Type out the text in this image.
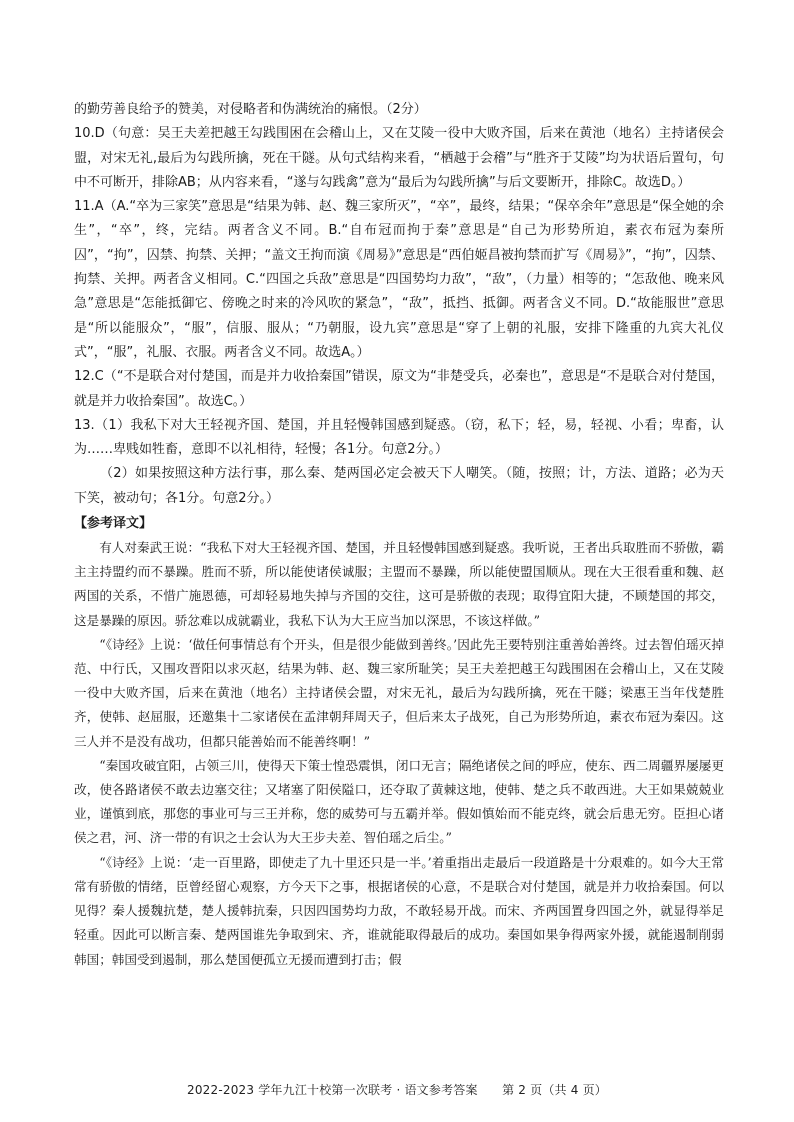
的勤劳善良给予的赞美，对侵略者和伪满统治的痛恨。（2分）

10.D（句意：吴王夫差把越王勾践围困在会稽山上，又在艾陵一役中大败齐国，后来在黄池（地名）主持诸侯会盟，对宋无礼,最后为勾践所擒，死在干隧。从句式结构来看，“栖越于会稽”与“胜齐于艾陵”均为状语后置句，句中不可断开，排除AB；从内容来看，“遂与勾践禽”意为“最后为勾践所擒”与后文要断开，排除C。故选D。）

11.A（A.“卒为三家笑”意思是“结果为韩、赵、魏三家所灭”，“卒”，最终，结果；“保卒余年”意思是“保全她的余生”，“卒”，终，完结。两者含义不同。B.“自布冠而拘于秦”意思是“自己为形势所迫，素衣布冠为秦所囚”，“拘”，囚禁、拘禁、关押；“盖文王拘而演《周易》”意思是“西伯姬昌被拘禁而扩写《周易》”，“拘”，囚禁、拘禁、关押。两者含义相同。C.“四国之兵敌”意思是“四国势均力敌”，“敌”，（力量）相等的；“怎敌他、晚来风急”意思是“怎能抵御它、傍晚之时来的冷风吹的紧急”，“敌”，抵挡、抵御。两者含义不同。D.“故能服世”意思是“所以能服众”，“服”，信服、服从；“乃朝服，设九宾”意思是“穿了上朝的礼服，安排下隆重的九宾大礼仪式”，“服”，礼服、衣服。两者含义不同。故选A。）

12.C（“不是联合对付楚国，而是并力收拾秦国”错误，原文为“非楚受兵，必秦也”，意思是“不是联合对付楚国，就是并力收拾秦国”。故选C。）

13.（1）我私下对大王轻视齐国、楚国，并且轻慢韩国感到疑惑。（窃，私下；轻，易，轻视、小看；卑畜，认为……卑贱如牲畜，意即不以礼相待，轻慢；各1分。句意2分。）

（2）如果按照这种方法行事，那么秦、楚两国必定会被天下人嘲笑。（随，按照；计，方法、道路；必为天下笑，被动句；各1分。句意2分。）

【参考译文】

有人对秦武王说：“我私下对大王轻视齐国、楚国，并且轻慢韩国感到疑惑。我听说，王者出兵取胜而不骄傲，霸主主持盟约而不暴躁。胜而不骄，所以能使诸侯诚服；主盟而不暴躁，所以能使盟国顺从。现在大王很看重和魏、赵两国的关系，不惜广施恩德，可却轻易地失掉与齐国的交往，这可是骄傲的表现；取得宜阳大捷，不顾楚国的邦交，这是暴躁的原因。骄忿难以成就霸业，我私下认为大王应当加以深思，不该这样做。”

“《诗经》上说：‘做任何事情总有个开头，但是很少能做到善终。’因此先王要特别注重善始善终。过去智伯瑶灭掉范、中行氏，又围攻晋阳以求灭赵，结果为韩、赵、魏三家所耻笑；吴王夫差把越王勾践围困在会稽山上，又在艾陵一役中大败齐国，后来在黄池（地名）主持诸侯会盟，对宋无礼，最后为勾践所擒，死在干隧；梁惠王当年伐楚胜齐，使韩、赵屈服，还邀集十二家诸侯在孟津朝拜周天子，但后来太子战死，自己为形势所迫，素衣布冠为秦囚。这三人并不是没有战功，但都只能善始而不能善终啊！”

“秦国攻破宜阳，占领三川，使得天下策士惶恐震惧，闭口无言；隔绝诸侯之间的呼应，使东、西二周疆界屡屡更改，使各路诸侯不敢去边塞交往；又堵塞了阳侯隘口，还夺取了黄棘这地，使韩、楚之兵不敢西进。大王如果兢兢业业，谨慎到底，那您的事业可与三王并称，您的威势可与五霸并举。假如慎始而不能克终，就会后患无穷。臣担心诸侯之君，河、济一带的有识之士会认为大王步夫差、智伯瑶之后尘。”

“《诗经》上说：‘走一百里路，即使走了九十里还只是一半。’着重指出走最后一段道路是十分艰难的。如今大王常常有骄傲的情绪，臣曾经留心观察，方今天下之事，根据诸侯的心意，不是联合对付楚国，就是并力收拾秦国。何以见得？秦人援魏抗楚，楚人援韩抗秦，只因四国势均力敌，不敢轻易开战。而宋、齐两国置身四国之外，就显得举足轻重。因此可以断言秦、楚两国谁先争取到宋、齐，谁就能取得最后的成功。秦国如果争得两家外援，就能遏制削弱韩国；韩国受到遏制，那么楚国便孤立无援而遭到打击；假

2022-2023 学年九江十校第一次联考 · 语文参考答案　　第 2 页（共 4 页）
